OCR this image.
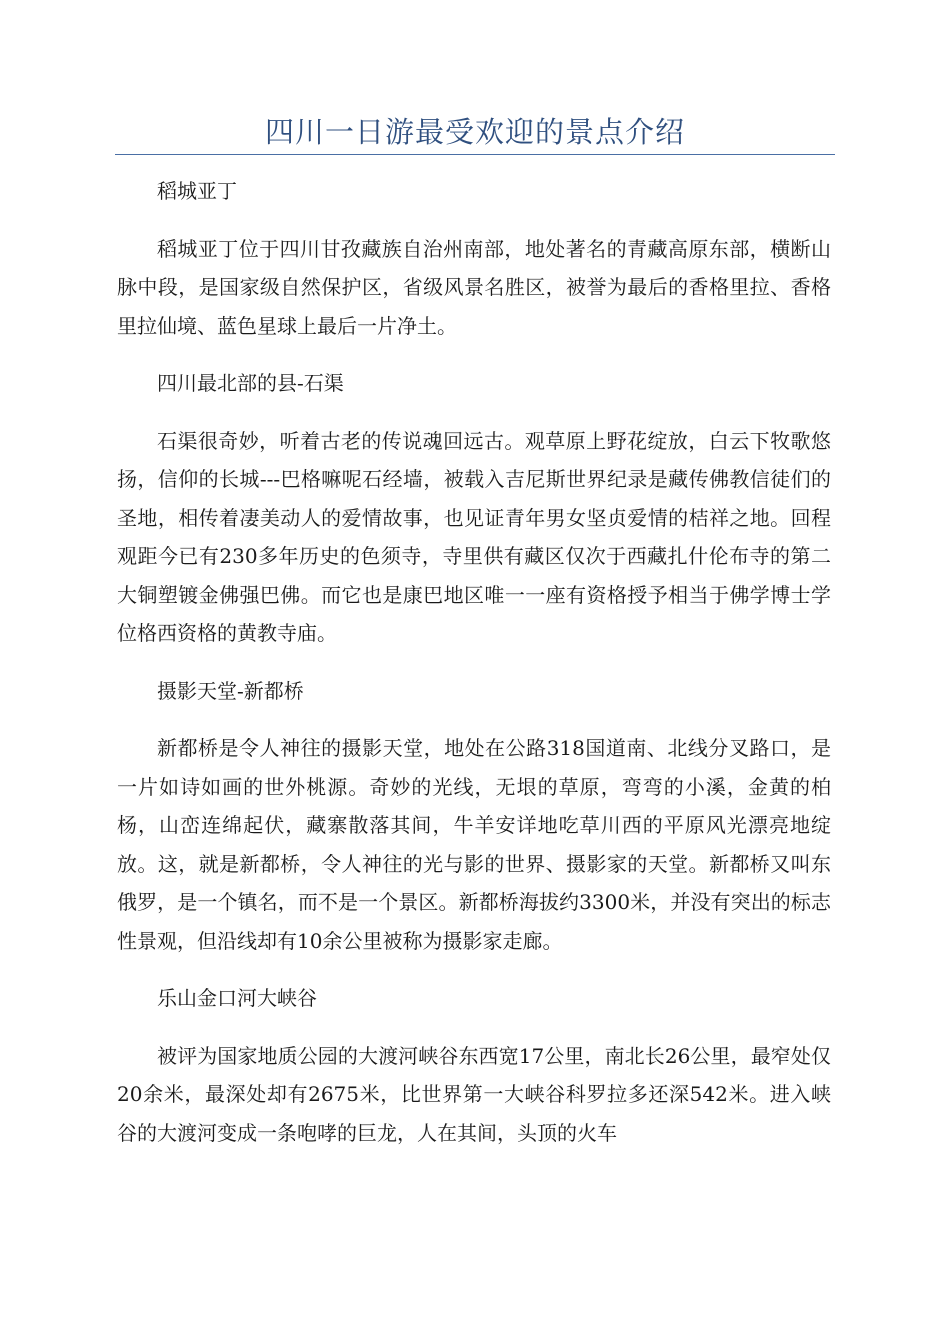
四川一日游最受欢迎的景点介绍

稻城亚丁

稻城亚丁位于四川甘孜藏族自治州南部，地处著名的青藏高原东部，横断山脉中段，是国家级自然保护区，省级风景名胜区，被誉为最后的香格里拉、香格里拉仙境、蓝色星球上最后一片净土。

四川最北部的县-石渠

石渠很奇妙，听着古老的传说魂回远古。观草原上野花绽放，白云下牧歌悠扬，信仰的长城---巴格嘛呢石经墙，被载入吉尼斯世界纪录是藏传佛教信徒们的圣地，相传着凄美动人的爱情故事，也见证青年男女坚贞爱情的桔祥之地。回程观距今已有230多年历史的色须寺，寺里供有藏区仅次于西藏扎什伦布寺的第二大铜塑镀金佛强巴佛。而它也是康巴地区唯一一座有资格授予相当于佛学博士学位格西资格的黄教寺庙。

摄影天堂-新都桥

新都桥是令人神往的摄影天堂，地处在公路318国道南、北线分叉路口，是一片如诗如画的世外桃源。奇妙的光线，无垠的草原，弯弯的小溪，金黄的柏杨，山峦连绵起伏，藏寨散落其间，牛羊安详地吃草川西的平原风光漂亮地绽放。这，就是新都桥，令人神往的光与影的世界、摄影家的天堂。新都桥又叫东俄罗，是一个镇名，而不是一个景区。新都桥海拔约3300米，并没有突出的标志性景观，但沿线却有10余公里被称为摄影家走廊。

乐山金口河大峡谷

被评为国家地质公园的大渡河峡谷东西宽17公里，南北长26公里，最窄处仅20余米，最深处却有2675米，比世界第一大峡谷科罗拉多还深542米。进入峡谷的大渡河变成一条咆哮的巨龙，人在其间，头顶的火车
